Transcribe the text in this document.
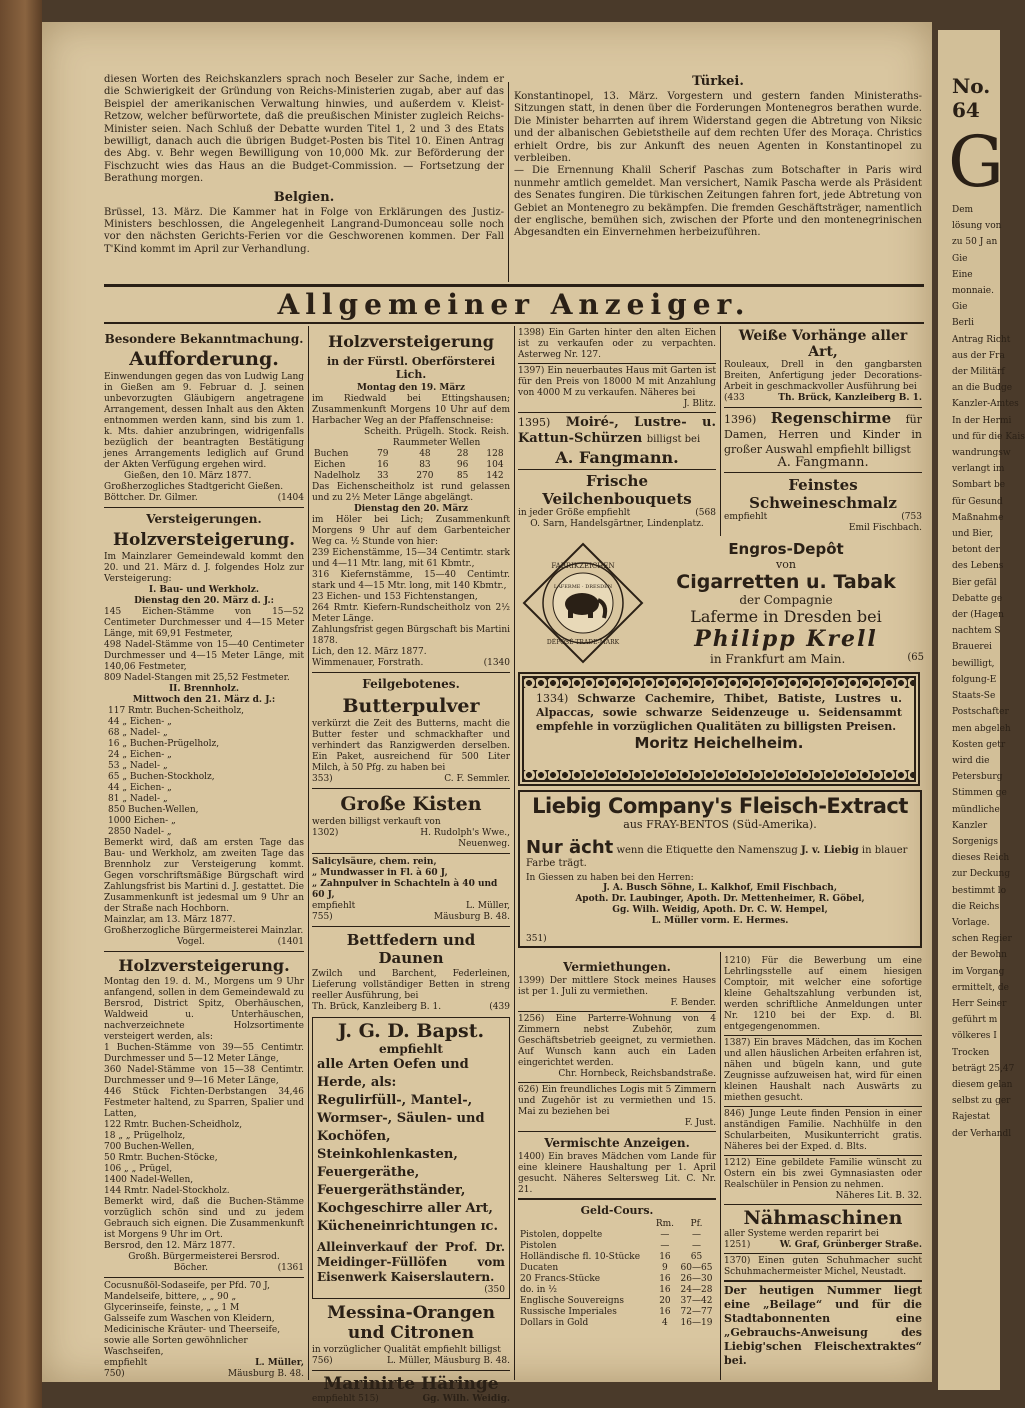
diesen Worten des Reichskanzlers sprach noch Beseler zur Sache, indem er die Schwierigkeit der Gründung von Reichs-Ministerien zugab, aber auf das Beispiel der amerikanischen Verwaltung hinwies, und außerdem v. Kleist-Retzow, welcher befürwortete, daß die preußischen Minister zugleich Reichs-Minister seien. Nach Schluß der Debatte wurden Titel 1, 2 und 3 des Etats bewilligt, danach auch die übrigen Budget-Posten bis Titel 10. Einen Antrag des Abg. v. Behr wegen Bewilligung von 10,000 Mk. zur Beförderung der Fischzucht wies das Haus an die Budget-Commission. — Fortsetzung der Berathung morgen.

Belgien.

Brüssel, 13. März. Die Kammer hat in Folge von Erklärungen des Justiz-Ministers beschlossen, die Angelegenheit Langrand-Dumonceau solle noch vor den nächsten Gerichts-Ferien vor die Geschworenen kommen. Der Fall T'Kind kommt im April zur Verhandlung.

Türkei.

Konstantinopel, 13. März. Vorgestern und gestern fanden Ministeraths-Sitzungen statt, in denen über die Forderungen Montenegros berathen wurde. Die Minister beharrten auf ihrem Widerstand gegen die Abtretung von Niksic und der albanischen Gebietstheile auf dem rechten Ufer des Moraça. Christics erhielt Ordre, bis zur Ankunft des neuen Agenten in Konstantinopel zu verbleiben.

— Die Ernennung Khalil Scherif Paschas zum Botschafter in Paris wird nunmehr amtlich gemeldet. Man versichert, Namik Pascha werde als Präsident des Senates fungiren. Die türkischen Zeitungen fahren fort, jede Abtretung von Gebiet an Montenegro zu bekämpfen. Die fremden Geschäftsträger, namentlich der englische, bemühen sich, zwischen der Pforte und den montenegrinischen Abgesandten ein Einvernehmen herbeizuführen.

Allgemeiner Anzeiger.
Besondere Bekanntmachung.
Aufforderung.

Einwendungen gegen das von Ludwig Lang in Gießen am 9. Februar d. J. seinen unbevorzugten Gläubigern angetragene Arrangement, dessen Inhalt aus den Akten entnommen werden kann, sind bis zum 1. k. Mts. dahier anzubringen, widrigenfalls bezüglich der beantragten Bestätigung jenes Arrangements lediglich auf Grund der Akten Verfügung ergehen wird.

Gießen, den 10. März 1877.

Großherzogliches Stadtgericht Gießen.

Böttcher. Dr. Gilmer.	(1404

Versteigerungen.
Holzversteigerung.

Im Mainzlarer Gemeindewald kommt den 20. und 21. März d. J. folgendes Holz zur Versteigerung:

I. Bau- und Werkholz.

Dienstag den 20. März d. J.:

145 Eichen-Stämme von 15—52 Centimeter Durchmesser und 4—15 Meter Länge, mit 69,91 Festmeter,

498 Nadel-Stämme von 15—40 Centimeter Durchmesser und 4—15 Meter Länge, mit 140,06 Festmeter,

809 Nadel-Stangen mit 25,52 Festmeter.

II. Brennholz.

Mittwoch den 21. März d. J.:

117 Rmtr. Buchen-Scheitholz,

44 „ Eichen- „

68 „ Nadel- „

16 „ Buchen-Prügelholz,

24 „ Eichen- „

53 „ Nadel- „

65 „ Buchen-Stockholz,

44 „ Eichen- „

81 „ Nadel- „

850 Buchen-Wellen,

1000 Eichen- „

2850 Nadel- „

Bemerkt wird, daß am ersten Tage das Bau- und Werkholz, am zweiten Tage das Brennholz zur Versteigerung kommt. Gegen vorschriftsmäßige Bürgschaft wird Zahlungsfrist bis Martini d. J. gestattet. Die Zusammenkunft ist jedesmal um 9 Uhr an der Straße nach Hochborn.

Mainzlar, am 13. März 1877.

Großherzogliche Bürgermeisterei Mainzlar.

Vogel.	(1401

Holzversteigerung.

Montag den 19. d. M., Morgens um 9 Uhr anfangend, sollen in dem Gemeindewald zu Bersrod, District Spitz, Oberhäuschen, Waldweid u. Unterhäuschen, nachverzeichnete Holzsortimente versteigert werden, als:

1 Buchen-Stämme von 39—55 Centimtr. Durchmesser und 5—12 Meter Länge,

360 Nadel-Stämme von 15—38 Centimtr. Durchmesser und 9—16 Meter Länge,

446 Stück Fichten-Derbstangen 34,46 Festmeter haltend, zu Sparren, Spalier und Latten,

122 Rmtr. Buchen-Scheidholz,

18 „ „ Prügelholz,

700 Buchen-Wellen,

50 Rmtr. Buchen-Stöcke,

106 „ „ Prügel,

1400 Nadel-Wellen,

144 Rmtr. Nadel-Stockholz.

Bemerkt wird, daß die Buchen-Stämme vorzüglich schön sind und zu jedem Gebrauch sich eignen. Die Zusammenkunft ist Morgens 9 Uhr im Ort.

Bersrod, den 12. März 1877.

Großh. Bürgermeisterei Bersrod.

Böcher.	(1361

Cocusnußöl-Sodaseife, per Pfd. 70 J,

Mandelseife, bittere, „ „ 90 „

Glycerinseife, feinste, „ „ 1 M

Galsseife zum Waschen von Kleidern,

Medicinische Kräuter- und Theerseife,

sowie alle Sorten gewöhnlicher Waschseifen,

empfiehlt	L. Müller,

750)	Mäusburg B. 48.

Holzversteigerung
in der Fürstl. Oberförsterei Lich.

Montag den 19. März

im Riedwald bei Ettingshausen; Zusammenkunft Morgens 10 Uhr auf dem Harbacher Weg an der Pfaffenschneise:

	Scheith.	Prügelh.	Stock.	Reish.
	Raummeter Wellen			
Buchen	79	48	28	128
Eichen	16	83	96	104
Nadelholz	33	270	85	142

Das Eichenscheitholz ist rund gelassen und zu 2½ Meter Länge abgelängt.

Dienstag den 20. März

im Höler bei Lich; Zusammenkunft Morgens 9 Uhr auf dem Garbenteicher Weg ca. ½ Stunde von hier:

239 Eichenstämme, 15—34 Centimtr. stark und 4—11 Mtr. lang, mit 61 Kbmtr.,

316 Kiefernstämme, 15—40 Centimtr. stark und 4—15 Mtr. long, mit 140 Kbmtr.,

23 Eichen- und 153 Fichtenstangen,

264 Rmtr. Kiefern-Rundscheitholz von 2½ Meter Länge.

Zahlungsfrist gegen Bürgschaft bis Martini 1878.

Lich, den 12. März 1877.

Wimmenauer, Forstrath.	(1340

Feilgebotenes.
Butterpulver

verkürzt die Zeit des Butterns, macht die Butter fester und schmackhafter und verhindert das Ranzigwerden derselben. Ein Paket, ausreichend für 500 Liter Milch, à 50 Pfg. zu haben bei

353)	C. F. Semmler.

Große Kisten

werden billigst verkauft von

1302)	H. Rudolph's Wwe.,

Neuenweg.

Salicylsäure, chem. rein,

„ Mundwasser in Fl. à 60 J,

„ Zahnpulver in Schachteln à 40 und 60 J,

empfiehlt	L. Müller,

755)	Mäusburg B. 48.

Bettfedern und Daunen

Zwilch und Barchent, Federleinen, Lieferung vollständiger Betten in streng reeller Ausführung, bei

Th. Brück, Kanzleiberg B. 1.	(439

J. G. D. Bapst.
empfiehlt

alle Arten Oefen und Herde, als:

Regulirfüll-, Mantel-, Wormser-, Säulen- und Kochöfen,

Steinkohlenkasten,

Feuergeräthe, Feuergeräthständer,

Kochgeschirre aller Art, Kücheneinrichtungen ɪc.

Alleinverkauf der Prof. Dr. Meidinger-Füllöfen vom Eisenwerk Kaiserslautern.

(350

Messina-Orangen und Citronen

in vorzüglicher Qualität empfiehlt billigst

756)	L. Müller, Mäusburg B. 48.

Marinirte Häringe

empfiehlt 515)	Gg. Wilh. Weidig.

1398) Ein Garten hinter den alten Eichen ist zu verkaufen oder zu verpachten. Asterweg Nr. 127.

1397) Ein neuerbautes Haus mit Garten ist für den Preis von 18000 M mit Anzahlung von 4000 M zu verkaufen. Näheres bei

J. Blitz.

1395) Moiré-, Lustre- u. Kattun-Schürzen billigst bei

A. Fangmann.
Frische Veilchenbouquets

in jeder Größe empfiehlt	(568

O. Sarn, Handelsgärtner, Lindenplatz.

Weiße Vorhänge aller Art,

Rouleaux, Drell in den gangbarsten Breiten, Anfertigung jeder Decorations-Arbeit in geschmackvoller Ausführung bei

(433	Th. Brück, Kanzleiberg B. 1.

1396) Regenschirme für Damen, Herren und Kinder in großer Auswahl empfiehlt billigst

A. Fangmann.

Feinstes Schweineschmalz

empfiehlt	(753

Emil Fischbach.

FABRIKZEICHEN
DÉPOSÉ TRADE-MARK
LAFERME · DRESDEN
Engros-Depôt
von
Cigarretten u. Tabak
der Compagnie
Laferme in Dresden bei
Philipp Krell
in Frankfurt am Main.	(65

1334) Schwarze Cachemire, Thibet, Batiste, Lustres u. Alpaccas, sowie schwarze Seidenzeuge u. Seidensammt empfehle in vorzüglichen Qualitäten zu billigsten Preisen.

Moritz Heichelheim.
Liebig Company's Fleisch-Extract
aus FRAY-BENTOS (Süd-Amerika).
Nur ächt wenn die Etiquette den Namenszug J. v. Liebig in blauer Farbe trägt.
In Giessen zu haben bei den Herren:

J. A. Busch Söhne, L. Kalkhof, Emil Fischbach,

Apoth. Dr. Laubinger, Apoth. Dr. Mettenheimer, R. Göbel,

Gg. Wilh. Weidig, Apoth. Dr. C. W. Hempel,

L. Müller vorm. E. Hermes.

351)
Vermiethungen.

1399) Der mittlere Stock meines Hauses ist per 1. Juli zu vermiethen.

F. Bender.

1256) Eine Parterre-Wohnung von 4 Zimmern nebst Zubehör, zum Geschäftsbetrieb geeignet, zu vermiethen. Auf Wunsch kann auch ein Laden eingerichtet werden.

Chr. Hornbeck, Reichsbandstraße.

626) Ein freundliches Logis mit 5 Zimmern und Zugehör ist zu vermiethen und 15. Mai zu beziehen bei

F. Just.

Vermischte Anzeigen.

1400) Ein braves Mädchen vom Lande für eine kleinere Haushaltung per 1. April gesucht. Näheres Seltersweg Lit. C. Nr. 21.

Geld-Cours.
	Rm.	Pf.
Pistolen, doppelte	—	—
Pistolen	—	—
Holländische fl. 10-Stücke	16	65
Ducaten	9	60—65
20 Francs-Stücke	16	26—30
do. in ½	16	24—28
Englische Souvereigns	20	37—42
Russische Imperiales	16	72—77
Dollars in Gold	4	16—19

1210) Für die Bewerbung um eine Lehrlingsstelle auf einem hiesigen Comptoir, mit welcher eine sofortige kleine Gehaltszahlung verbunden ist, werden schriftliche Anmeldungen unter Nr. 1210 bei der Exp. d. Bl. entgegengenommen.

1387) Ein braves Mädchen, das im Kochen und allen häuslichen Arbeiten erfahren ist, nähen und bügeln kann, und gute Zeugnisse aufzuweisen hat, wird für einen kleinen Haushalt nach Auswärts zu miethen gesucht.

846) Junge Leute finden Pension in einer anständigen Familie. Nachhülfe in den Schularbeiten, Musikunterricht gratis. Näheres bei der Exped. d. Blts.

1212) Eine gebildete Familie wünscht zu Ostern ein bis zwei Gymnasiasten oder Realschüler in Pension zu nehmen.

Näheres Lit. B. 32.

Nähmaschinen

aller Systeme werden reparirt bei

1251)	W. Graf, Grünberger Straße.

1370) Einen guten Schuhmacher sucht Schuhmachermeister Michel, Neustadt.

Der heutigen Nummer liegt eine „Beilage“ und für die Stadtabonnenten eine „Gebrauchs-Anweisung des Liebig'schen Fleischextraktes“ bei.

No. 64
G
Dem
lösung von
zu 50 J an
Gie
Eine
monnaie.
Gie
Berli
Antrag Richt
aus der Fra
der Militärf
an die Budge
Kanzler-Amtes
In der Hermi
und für die Kais
wandrungsw
verlangt im
Sombart be
für Gesund
Maßnahme
und Bier,
betont der
des Lebens
Bier gefäl
Debatte ge
der (Hagen
nachtem S
Brauerei
bewilligt,
folgung-E
Staats-Se
Postschafter
men abgeleh
Kosten getr
wird die
Petersburg
Stimmen ge
mündliche
Kanzler
Sorgenigs
dieses Reich
zur Deckung
bestimmt lo
die Reichs
Vorlage.
schen Regier
der Bewohn
im Vorgang
ermittelt, de
Herr Seiner
geführt m
völkeres I
Trocken
beträgt 25,47
diesem gelan
selbst zu ger
Rajestat
der Verhandl
